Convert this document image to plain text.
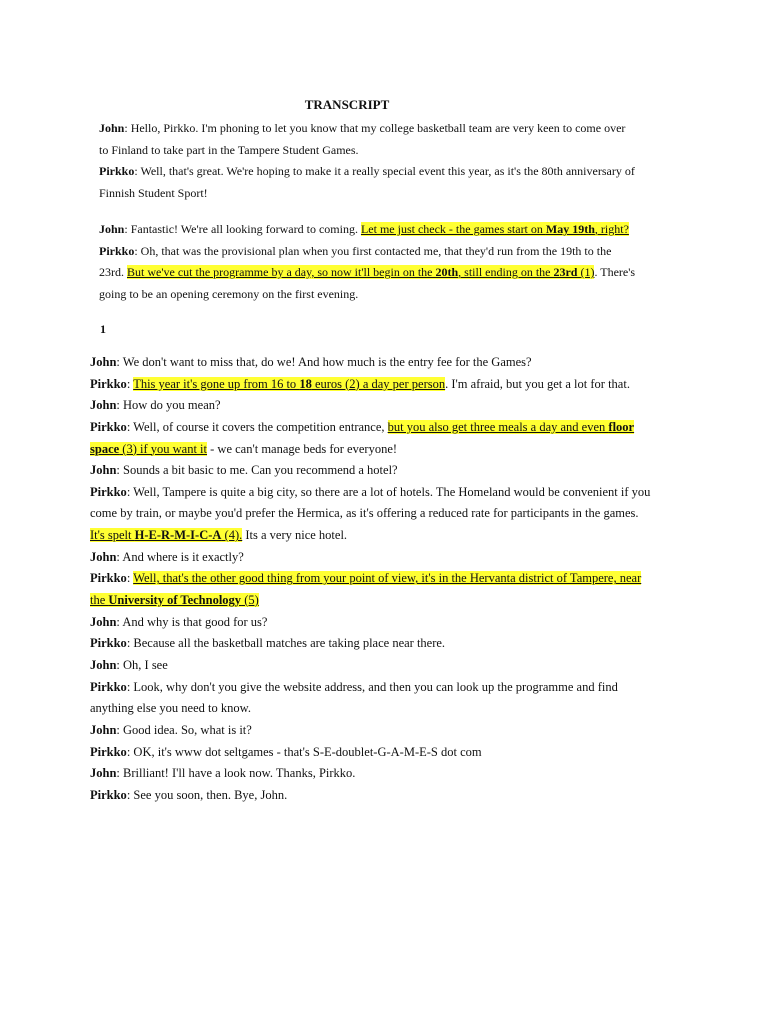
TRANSCRIPT
John: Hello, Pirkko. I'm phoning to let you know that my college basketball team are very keen to come over
to Finland to take part in the Tampere Student Games.
Pirkko: Well, that's great. We're hoping to make it a really special event this year, as it's the 80th anniversary of
Finnish Student Sport!
John: Fantastic! We're all looking forward to coming. Let me just check - the games start on May 19th, right?
Pirkko: Oh, that was the provisional plan when you first contacted me, that they'd run from the 19th to the
23rd. But we've cut the programme by a day, so now it'll begin on the 20th, still ending on the 23rd (1). There's
going to be an opening ceremony on the first evening.
1
John: We don't want to miss that, do we! And how much is the entry fee for the Games?
Pirkko: This year it's gone up from 16 to 18 euros (2) a day per person. I'm afraid, but you get a lot for that.
John: How do you mean?
Pirkko: Well, of course it covers the competition entrance, but you also get three meals a day and even floor
space (3) if you want it - we can't manage beds for everyone!
John: Sounds a bit basic to me. Can you recommend a hotel?
Pirkko: Well, Tampere is quite a big city, so there are a lot of hotels. The Homeland would be convenient if you
come by train, or maybe you'd prefer the Hermica, as it's offering a reduced rate for participants in the games.
It's spelt H-E-R-M-I-C-A (4). Its a very nice hotel.
John: And where is it exactly?
Pirkko: Well, that's the other good thing from your point of view, it's in the Hervanta district of Tampere, near
the University of Technology (5)
John: And why is that good for us?
Pirkko: Because all the basketball matches are taking place near there.
John: Oh, I see
Pirkko: Look, why don't you give the website address, and then you can look up the programme and find
anything else you need to know.
John: Good idea. So, what is it?
Pirkko: OK, it's www dot seltgames - that's S-E-doublet-G-A-M-E-S dot com
John: Brilliant! I'll have a look now. Thanks, Pirkko.
Pirkko: See you soon, then. Bye, John.
